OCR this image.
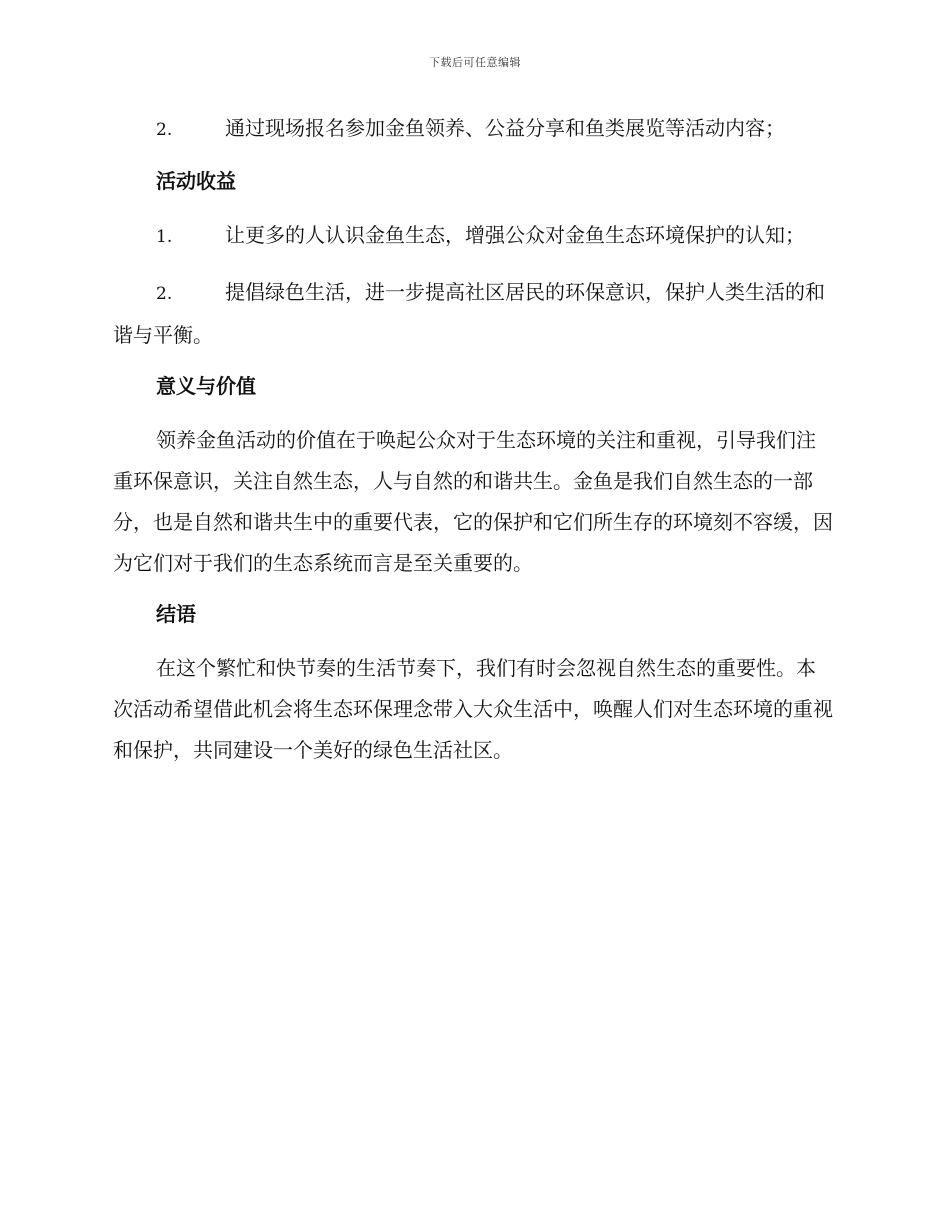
下载后可任意编辑

2.	通过现场报名参加金鱼领养、公益分享和鱼类展览等活动内容；

活动收益

1.	让更多的人认识金鱼生态，增强公众对金鱼生态环境保护的认知；

2.	提倡绿色生活，进一步提高社区居民的环保意识，保护人类生活的和谐与平衡。

意义与价值

领养金鱼活动的价值在于唤起公众对于生态环境的关注和重视，引导我们注重环保意识，关注自然生态，人与自然的和谐共生。金鱼是我们自然生态的一部分，也是自然和谐共生中的重要代表，它的保护和它们所生存的环境刻不容缓，因为它们对于我们的生态系统而言是至关重要的。

结语

在这个繁忙和快节奏的生活节奏下，我们有时会忽视自然生态的重要性。本次活动希望借此机会将生态环保理念带入大众生活中，唤醒人们对生态环境的重视和保护，共同建设一个美好的绿色生活社区。
